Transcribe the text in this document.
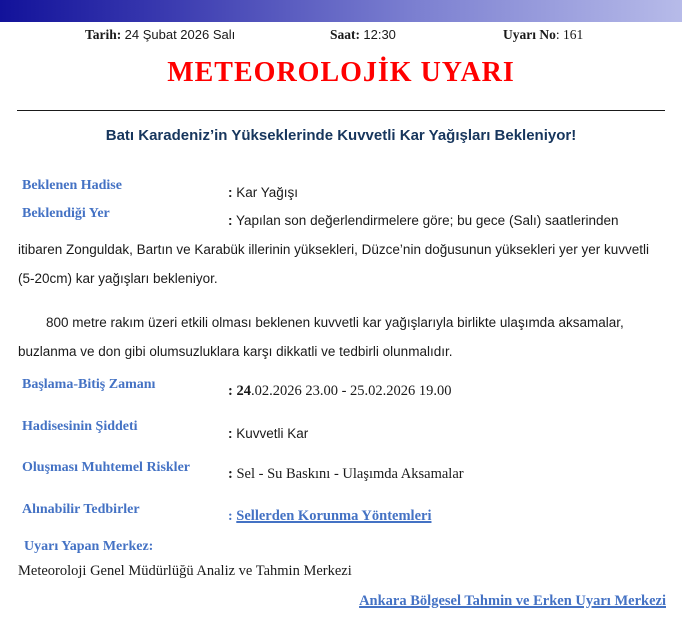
Tarih: 24 Şubat 2026 Salı	Saat: 12:30	Uyarı No: 161
METEOROLOJİK UYARI
Batı Karadeniz’in Yükseklerinde Kuvvetli Kar Yağışları Bekleniyor!
Beklenen Hadise	: Kar Yağışı

Beklendiği Yer	: Yapılan son değerlendirmelere göre; bu gece (Salı) saatlerinden itibaren Zonguldak, Bartın ve Karabük illerinin yüksekleri, Düzce’nin doğusunun yüksekleri yer yer kuvvetli (5-20cm) kar yağışları bekleniyor.

800 metre rakım üzeri etkili olması beklenen kuvvetli kar yağışlarıyla birlikte ulaşımda aksamalar, buzlanma ve don gibi olumsuzluklara karşı dikkatli ve tedbirli olunmalıdır.

Başlama-Bitiş Zamanı	: 24.02.2026 23.00 - 25.02.2026 19.00

Hadisesinin Şiddeti	: Kuvvetli Kar

Oluşması Muhtemel Riskler	: Sel - Su Baskını - Ulaşımda Aksamalar

Alınabilir Tedbirler	: Sellerden Korunma Yöntemleri

Uyarı Yapan Merkez:
Meteoroloji Genel Müdürlüğü Analiz ve Tahmin Merkezi
Ankara Bölgesel Tahmin ve Erken Uyarı Merkezi
